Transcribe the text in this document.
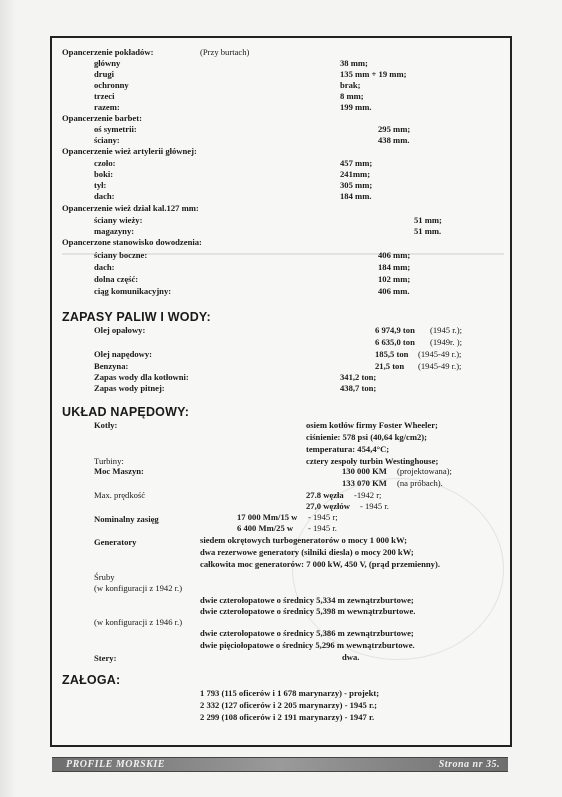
Opancerzenie pokładów:	(Przy burtach)
główny	38 mm;
drugi	135 mm + 19 mm;
ochronny	brak;
trzeci	8 mm;
razem:	199 mm.
Opancerzenie barbet:
oś symetrii:	295 mm;
ściany:	438 mm.
Opancerzenie wież artylerii głównej:
czoło:	457 mm;
boki:	241mm;
tył:	305 mm;
dach:	184 mm.
Opancerzenie wież dział kal.127 mm:
ściany wieży:	51 mm;
magazyny:	51 mm.
Opancerzone stanowisko dowodzenia:
ściany boczne:	406 mm;
dach:	184 mm;
dolna część:	102 mm;
ciąg komunikacyjny:	406 mm.
ZAPASY PALIW I WODY:
Olej opałowy:	6 974,9 ton (1945 r.);
6 635,0 ton (1949r. );
Olej napędowy:	185,5 ton (1945-49 r.);
Benzyna:	21,5 ton (1945-49 r.);
Zapas wody dla kotłowni:	341,2 ton;
Zapas wody pitnej:	438,7 ton;
UKŁAD NAPĘDOWY:
Kotły:	osiem kotłów firmy Foster Wheeler;
ciśnienie: 578 psi (40,64 kg/cm2);
temperatura: 454,4°C;
Turbiny:	cztery zespoły turbin Westinghouse;
Moc Maszyn:	130 000 KM (projektowana);
133 070 KM (na próbach).
Max. prędkość	27.8 węzła -1942 r;
27,0 węzłów - 1945 r.
Nominalny zasięg	17 000 Mm/15 w - 1945 r;
6 400 Mm/25 w - 1945 r.
Generatory	siedem okrętowych turbogeneratorów o mocy 1 000 kW;
dwa rezerwowe generatory (silniki diesla) o mocy 200 kW;
całkowita moc generatorów: 7 000 kW, 450 V, (prąd przemienny).
Śruby
(w konfiguracji z 1942 r.)
dwie czterołopatowe o średnicy 5,334 m zewnątrzburtowe;
dwie czterołopatowe o średnicy 5,398 m wewnątrzburtowe.
(w konfiguracji z 1946 r.)
dwie czterołopatowe o średnicy 5,386 m zewnątrzburtowe;
dwie pięciołopatowe o średnicy 5,296 m wewnątrzburtowe.
Stery:	dwa.
ZAŁOGA:
1 793 (115 oficerów i 1 678 marynarzy) - projekt;
2 332 (127 oficerów i 2 205 marynarzy) - 1945 r.;
2 299 (108 oficerów i 2 191 marynarzy) - 1947 r.
PROFILE MORSKIE	Strona nr 35.
